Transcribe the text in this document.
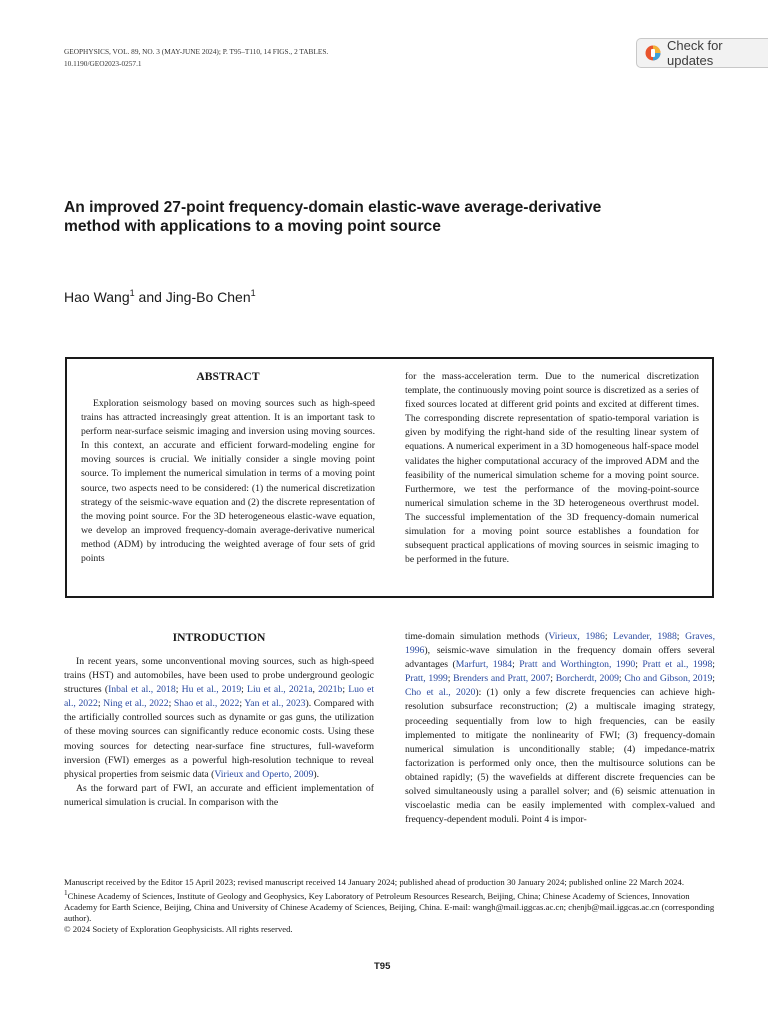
GEOPHYSICS, VOL. 89, NO. 3 (MAY-JUNE 2024); P. T95–T110, 14 FIGS., 2 TABLES.
10.1190/GEO2023-0257.1
Check for updates
An improved 27-point frequency-domain elastic-wave average-derivative
method with applications to a moving point source
Hao Wang$^1$ and Jing-Bo Chen$^1$
ABSTRACT

Exploration seismology based on moving sources such as high-speed trains has attracted increasingly great attention. It is an important task to perform near-surface seismic imaging and inversion using moving sources. In this context, an accurate and efficient forward-modeling engine for moving sources is crucial. We initially consider a single moving point source. To implement the numerical simulation in terms of a moving point source, two aspects need to be considered: (1) the numerical discretization strategy of the seismic-wave equation and (2) the discrete representation of the moving point source. For the 3D heterogeneous elastic-wave equation, we develop an improved frequency-domain average-derivative numerical method (ADM) by introducing the weighted average of four sets of grid points

for the mass-acceleration term. Due to the numerical discretization template, the continuously moving point source is discretized as a series of fixed sources located at different grid points and excited at different times. The corresponding discrete representation of spatio-temporal variation is given by modifying the right-hand side of the resulting linear system of equations. A numerical experiment in a 3D homogeneous half-space model validates the higher computational accuracy of the improved ADM and the feasibility of the numerical simulation scheme for a moving point source. Furthermore, we test the performance of the moving-point-source numerical simulation scheme in the 3D heterogeneous overthrust model. The successful implementation of the 3D frequency-domain numerical simulation for a moving point source establishes a foundation for subsequent practical applications of moving sources in seismic imaging to be performed in the future.

INTRODUCTION

In recent years, some unconventional moving sources, such as high-speed trains (HST) and automobiles, have been used to probe underground geologic structures (Inbal et al., 2018; Hu et al., 2019; Liu et al., 2021a, 2021b; Luo et al., 2022; Ning et al., 2022; Shao et al., 2022; Yan et al., 2023). Compared with the artificially controlled sources such as dynamite or gas guns, the utilization of these moving sources can significantly reduce economic costs. Using these moving sources for detecting near-surface fine structures, full-waveform inversion (FWI) emerges as a powerful high-resolution technique to reveal physical properties from seismic data (Virieux and Operto, 2009).

As the forward part of FWI, an accurate and efficient implementation of numerical simulation is crucial. In comparison with the

time-domain simulation methods (Virieux, 1986; Levander, 1988; Graves, 1996), seismic-wave simulation in the frequency domain offers several advantages (Marfurt, 1984; Pratt and Worthington, 1990; Pratt et al., 1998; Pratt, 1999; Brenders and Pratt, 2007; Borcherdt, 2009; Cho and Gibson, 2019; Cho et al., 2020): (1) only a few discrete frequencies can achieve high-resolution subsurface reconstruction; (2) a multiscale imaging strategy, proceeding sequentially from low to high frequencies, can be easily implemented to mitigate the nonlinearity of FWI; (3) frequency-domain numerical simulation is unconditionally stable; (4) impedance-matrix factorization is performed only once, then the multisource solutions can be obtained rapidly; (5) the wavefields at different discrete frequencies can be solved simultaneously using a parallel solver; and (6) seismic attenuation in viscoelastic media can be easily implemented with complex-valued and frequency-dependent moduli. Point 4 is impor-

Manuscript received by the Editor 15 April 2023; revised manuscript received 14 January 2024; published ahead of production 30 January 2024; published online 22 March 2024.

$^1$Chinese Academy of Sciences, Institute of Geology and Geophysics, Key Laboratory of Petroleum Resources Research, Beijing, China; Chinese Academy of Sciences, Innovation Academy for Earth Science, Beijing, China and University of Chinese Academy of Sciences, Beijing, China. E-mail: wangh@mail.iggcas.ac.cn; chenjb@mail.iggcas.ac.cn (corresponding author).

© 2024 Society of Exploration Geophysicists. All rights reserved.

T95
